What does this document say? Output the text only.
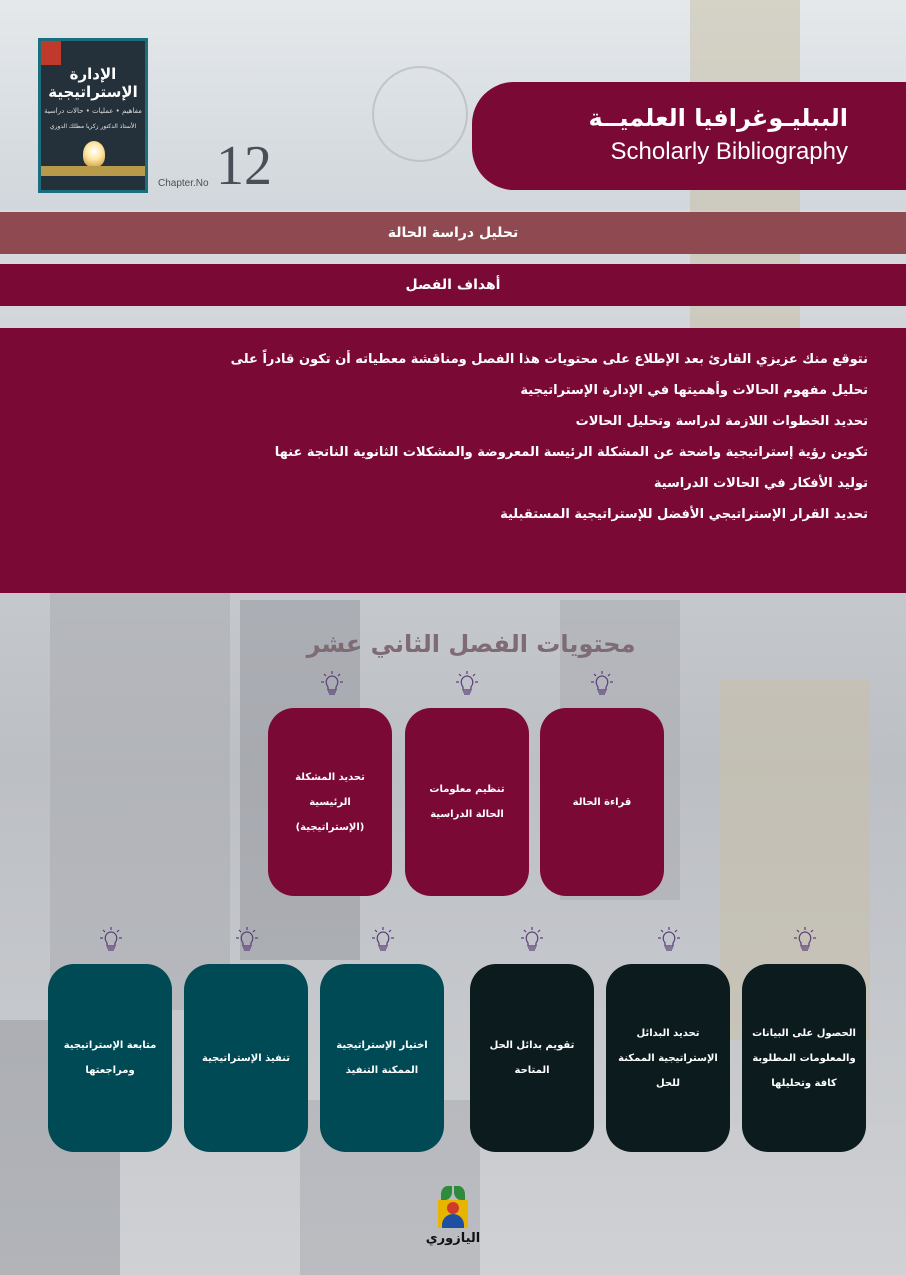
الإدارة الإستراتيجية
مفاهيم • عمليات • حالات دراسية
الأستاذ الدكتور زكريا مطلك الدوري
Chapter.No 12
الببليـوغرافيا العلميــة
Scholarly Bibliography
تحليل دراسة الحالة
أهداف الفصل
نتوقع منك عزيزي القارئ بعد الإطلاع على محتويات هذا الفصل ومناقشة معطياته أن تكون قادراً على
تحليل مفهوم الحالات وأهميتها في الإدارة الإستراتيجية
تحديد الخطوات اللازمة لدراسة وتحليل الحالات
تكوين رؤية إستراتيجية واضحة عن المشكلة الرئيسة المعروضة والمشكلات الثانوية الناتجة عنها
توليد الأفكار في الحالات الدراسية
تحديد القرار الإستراتيجي الأفضل للإستراتيجية المستقبلية
محتويات الفصل الثاني عشر
تحديد المشكلة الرئيسية (الإستراتيجية)
تنظيم معلومات الحالة الدراسية
قراءة الحالة
متابعة الإستراتيجية ومراجعتها
تنفيذ الإستراتيجية
اختيار الإستراتيجية الممكنة التنفيذ
تقويم بدائل الحل المتاحة
تحديد البدائل الإستراتيجية الممكنة للحل
الحصول على البيانات والمعلومات المطلوبة كافة وتحليلها
اليازوري
